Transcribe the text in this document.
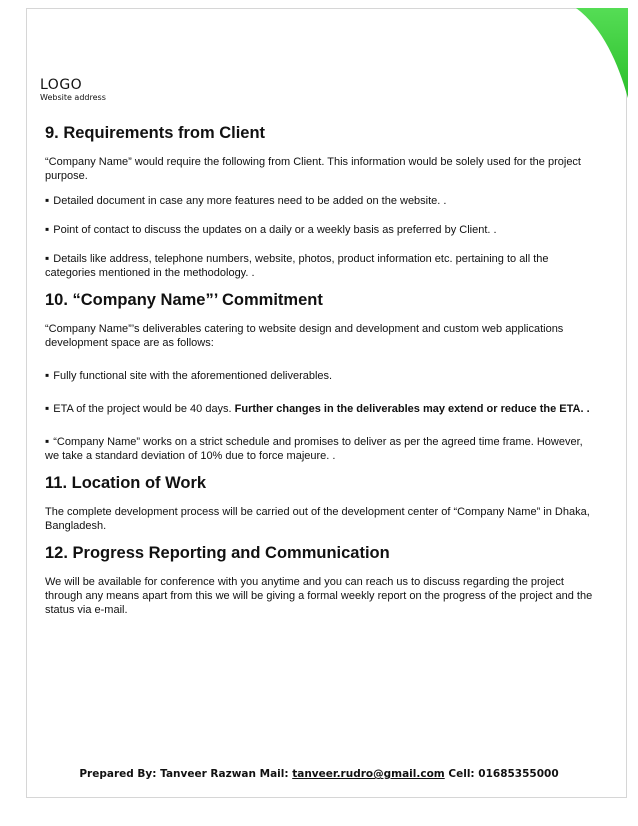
LOGO
Website address
9. Requirements from Client

“Company Name” would require the following from Client. This information would be solely used for the project purpose.

▪ Detailed document in case any more features need to be added on the website. .

▪ Point of contact to discuss the updates on a daily or a weekly basis as preferred by Client. .

▪ Details like address, telephone numbers, website, photos, product information etc. pertaining to all the categories mentioned in the methodology. .

10. “Company Name”’ Commitment

“Company Name”’s deliverables catering to website design and development and custom web applications development space are as follows:

▪ Fully functional site with the aforementioned deliverables.

▪ ETA of the project would be 40 days. Further changes in the deliverables may extend or reduce the ETA. .

▪ “Company Name” works on a strict schedule and promises to deliver as per the agreed time frame. However, we take a standard deviation of 10% due to force majeure. .

11. Location of Work

The complete development process will be carried out of the development center of “Company Name” in Dhaka, Bangladesh.

12. Progress Reporting and Communication

We will be available for conference with you anytime and you can reach us to discuss regarding the project through any means apart from this we will be giving a formal weekly report on the progress of the project and the status via e-mail.

Prepared By: Tanveer Razwan Mail: tanveer.rudro@gmail.com Cell: 01685355000
